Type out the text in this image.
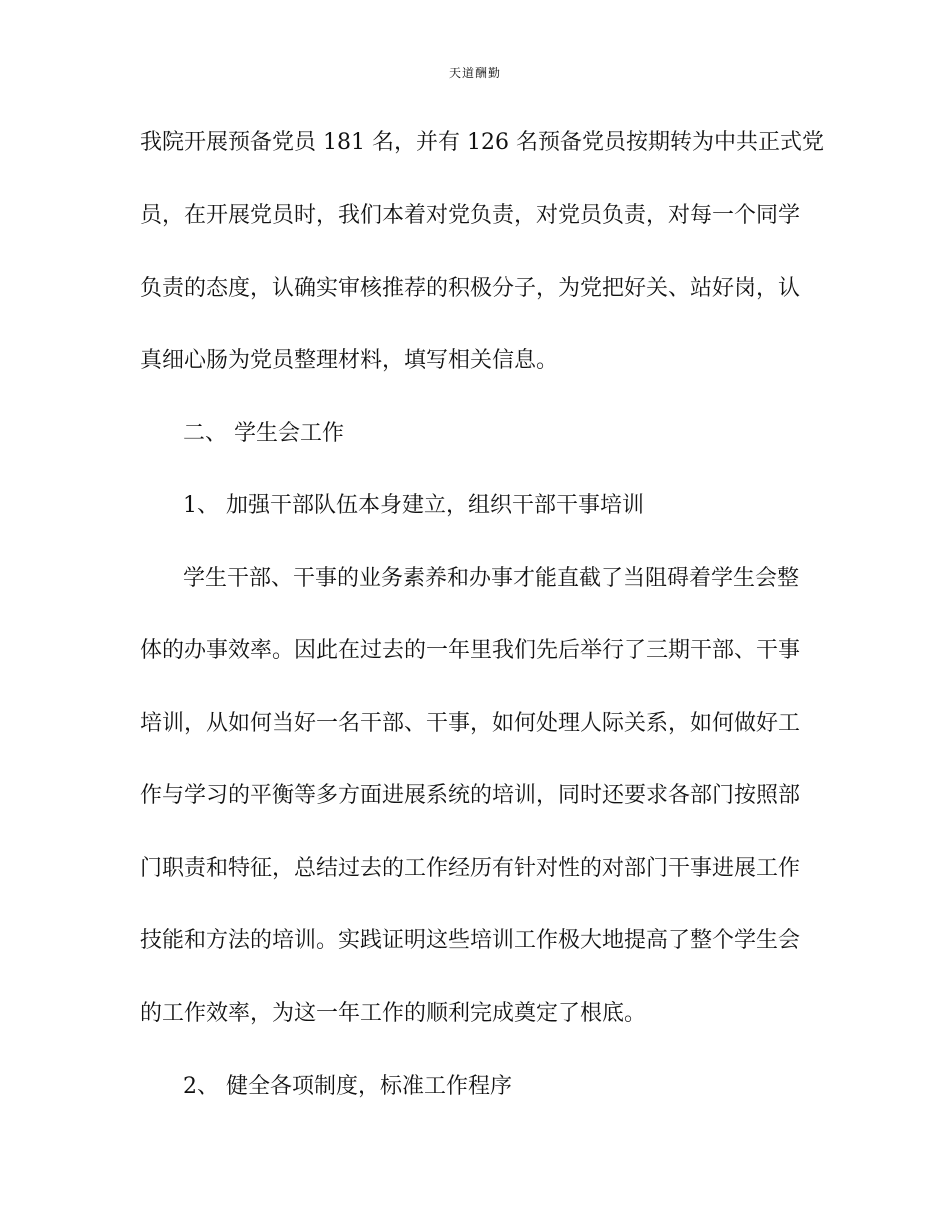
天道酬勤
我院开展预备党员 181 名，并有 126 名预备党员按期转为中共正式党
员，在开展党员时，我们本着对党负责，对党员负责，对每一个同学
负责的态度，认确实审核推荐的积极分子，为党把好关、站好岗，认
真细心肠为党员整理材料，填写相关信息。
二、 学生会工作
1、 加强干部队伍本身建立，组织干部干事培训
学生干部、干事的业务素养和办事才能直截了当阻碍着学生会整
体的办事效率。因此在过去的一年里我们先后举行了三期干部、干事
培训，从如何当好一名干部、干事，如何处理人际关系，如何做好工
作与学习的平衡等多方面进展系统的培训，同时还要求各部门按照部
门职责和特征，总结过去的工作经历有针对性的对部门干事进展工作
技能和方法的培训。实践证明这些培训工作极大地提高了整个学生会
的工作效率，为这一年工作的顺利完成奠定了根底。
2、 健全各项制度，标准工作程序
